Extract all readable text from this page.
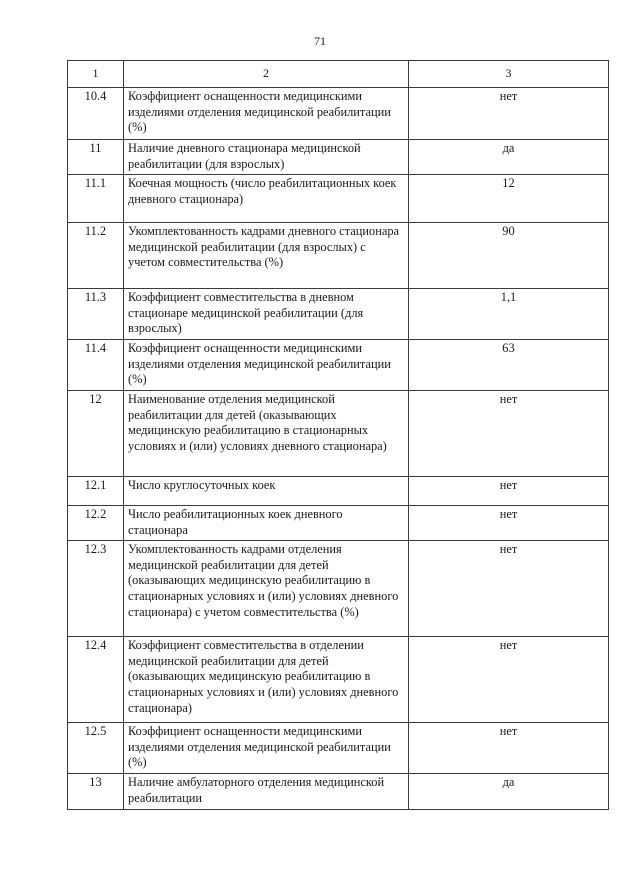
71
1	2	3
10.4	Коэффициент оснащенности медицинскими изделиями отделения медицинской реабилитации (%)	нет
11	Наличие дневного стационара медицинской реабилитации (для взрослых)	да
11.1	Коечная мощность (число реабилитационных коек дневного стационара)	12
11.2	Укомплектованность кадрами дневного стационара медицинской реабилитации (для взрослых) с учетом совместительства (%)	90
11.3	Коэффициент совместительства в дневном стационаре медицинской реабилитации (для взрослых)	1,1
11.4	Коэффициент оснащенности медицинскими изделиями отделения медицинской реабилитации (%)	63
12	Наименование отделения медицинской реабилитации для детей (оказывающих медицинскую реабилитацию в стационарных условиях и (или) условиях дневного стационара)	нет
12.1	Число круглосуточных коек	нет
12.2	Число реабилитационных коек дневного стационара	нет
12.3	Укомплектованность кадрами отделения медицинской реабилитации для детей (оказывающих медицинскую реабилитацию в стационарных условиях и (или) условиях дневного стационара) с учетом совместительства (%)	нет
12.4	Коэффициент совместительства в отделении медицинской реабилитации для детей (оказывающих медицинскую реабилитацию в стационарных условиях и (или) условиях дневного стационара)	нет
12.5	Коэффициент оснащенности медицинскими изделиями отделения медицинской реабилитации (%)	нет
13	Наличие амбулаторного отделения медицинской реабилитации	да
